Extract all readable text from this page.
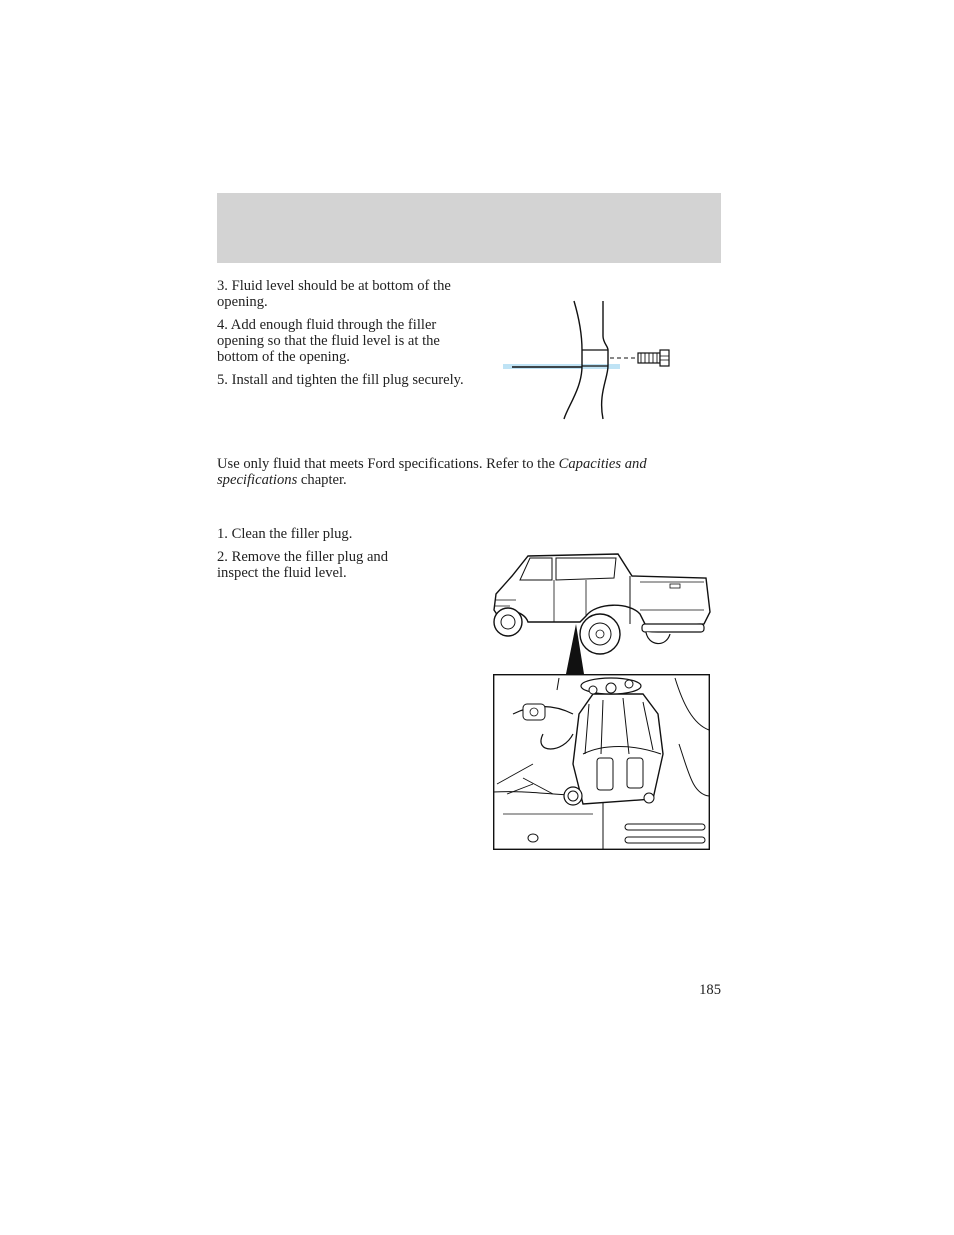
3. Fluid level should be at bottom of the opening.

4. Add enough fluid through the filler opening so that the fluid level is at the bottom of the opening.

5. Install and tighten the fill plug securely.

Use only fluid that meets Ford specifications. Refer to the Capacities and specifications chapter.

1. Clean the filler plug.

2. Remove the filler plug and inspect the fluid level.

185
